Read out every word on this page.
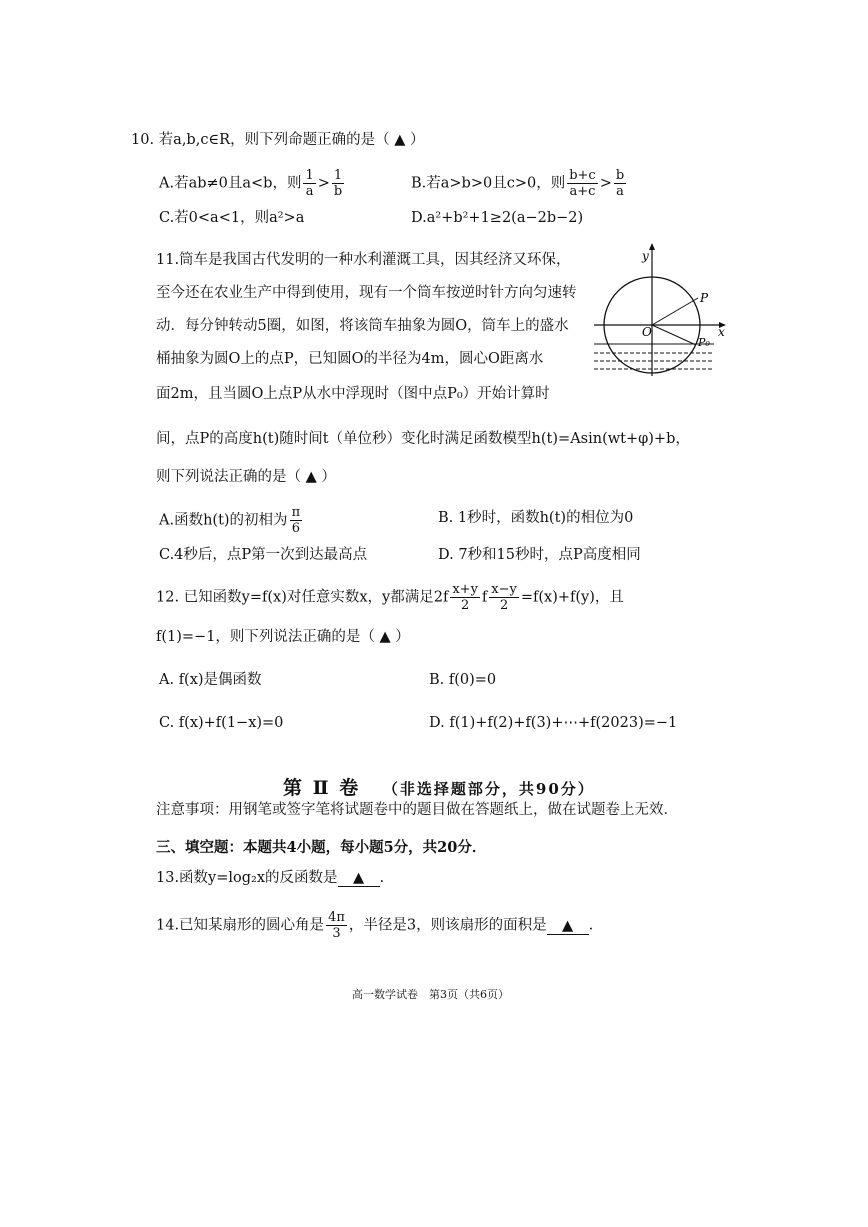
10. 若a,b,c∈R，则下列命题正确的是（ ▲ ）
A.若ab≠0且a<b，则 $\frac{1}{a} > \frac{1}{b}$	B.若a>b>0且c>0，则 $\frac{b+c}{a+c} > \frac{b}{a}$
C.若0<a<1，则a²>a	D.a²+b²+1≥2(a−2b−2)
11.筒车是我国古代发明的一种水利灌溉工具，因其经济又环保，
至今还在农业生产中得到使用，现有一个筒车按逆时针方向匀速转
动．每分钟转动5圈，如图，将该筒车抽象为圆O，筒车上的盛水
桶抽象为圆O上的点P，已知圆O的半径为4m，圆心O距离水
面2m，且当圆O上点P从水中浮现时（图中点P₀）开始计算时
间，点P的高度h(t)随时间t（单位秒）变化时满足函数模型h(t)=Asin(wt+φ)+b，
则下列说法正确的是（ ▲ ）
y
x
O
P
P₀
A.函数h(t)的初相为 $\frac{\pi}{6}$	B. 1秒时，函数h(t)的相位为0
C.4秒后，点P第一次到达最高点	D. 7秒和15秒时，点P高度相同
12. 已知函数y=f(x)对任意实数x，y都满足$2f \frac{x+y}{2}$ f $\frac{x-y}{2} =f(x)+f(y)$，且
f(1)=−1，则下列说法正确的是（ ▲ ）
A. f(x)是偶函数	B. f(0)=0
C. f(x)+f(1−x)=0	D. f(1)+f(2)+f(3)+⋯+f(2023)=−1
第 Ⅱ 卷 （非选择题部分，共90分）
注意事项：用钢笔或签字笔将试题卷中的题目做在答题纸上，做在试题卷上无效．
三、填空题：本题共4小题，每小题5分，共20分．
13.函数y=log₂x的反函数是 ▲ .
14.已知某扇形的圆心角是 $\frac{4\pi}{3}$ ，半径是3，则该扇形的面积是 ▲ .
高一数学试卷　第3页（共6页）
